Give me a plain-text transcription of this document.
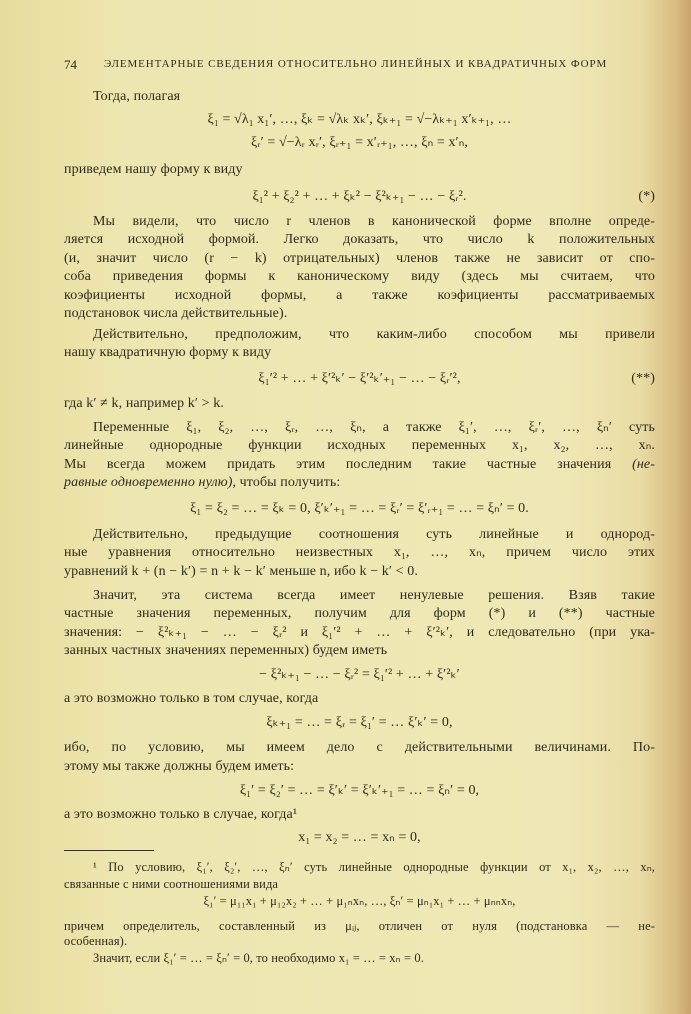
74 ЭЛЕМЕНТАРНЫЕ СВЕДЕНИЯ ОТНОСИТЕЛЬНО ЛИНЕЙНЫХ И КВАДРАТИЧНЫХ ФОРМ
Тогда, полагая
ξ₁ = √λ₁ x₁′, …, ξₖ = √λₖ xₖ′, ξₖ₊₁ = √−λₖ₊₁ x′ₖ₊₁, …
ξᵣ′ = √−λᵣ xᵣ′, ξᵣ₊₁ = x′ᵣ₊₁, …, ξₙ = x′ₙ,
приведем нашу форму к виду
ξ₁² + ξ₂² + … + ξₖ² − ξ²ₖ₊₁ − … − ξᵣ².	(*)
Мы видели, что число r членов в канонической форме вполне опреде-
ляется исходной формой. Легко доказать, что число k положительных
(и, значит число (r − k) отрицательных) членов также не зависит от спо-
соба приведения формы к каноническому виду (здесь мы считаем, что
коэфициенты исходной формы, а также коэфициенты рассматриваемых
подстановок числа действительные).
Действительно, предположим, что каким-либо способом мы привели
нашу квадратичную форму к виду
ξ₁′² + … + ξ′²ₖ′ − ξ′²ₖ′₊₁ − … − ξᵣ′²,	(**)
гда k′ ≠ k, например k′ > k.
Переменные ξ₁, ξ₂, …, ξᵣ, …, ξₙ, а также ξ₁′, …, ξᵣ′, …, ξₙ′ суть
линейные однородные функции исходных переменных x₁, x₂, …, xₙ.
Мы всегда можем придать этим последним такие частные значения (не-
равные одновременно нулю), чтобы получить:
ξ₁ = ξ₂ = … = ξₖ = 0, ξ′ₖ′₊₁ = … = ξᵣ′ = ξ′ᵣ₊₁ = … = ξₙ′ = 0.
Действительно, предыдущие соотношения суть линейные и однород-
ные уравнения относительно неизвестных x₁, …, xₙ, причем число этих
уравнений k + (n − k′) = n + k − k′ меньше n, ибо k − k′ < 0.
Значит, эта система всегда имеет ненулевые решения. Взяв такие
частные значения переменных, получим для форм (*) и (**) частные
значения: − ξ²ₖ₊₁ − … − ξᵣ² и ξ₁′² + … + ξ′²ₖ′, и следовательно (при ука-
занных частных значениях переменных) будем иметь
− ξ²ₖ₊₁ − … − ξᵣ² = ξ₁′² + … + ξ′²ₖ′
а это возможно только в том случае, когда
ξₖ₊₁ = … = ξᵣ = ξ₁′ = … ξ′ₖ′ = 0,
ибо, по условию, мы имеем дело с действительными величинами. По-
этому мы также должны будем иметь:
ξ₁′ = ξ₂′ = … = ξ′ₖ′ = ξ′ₖ′₊₁ = … = ξₙ′ = 0,
а это возможно только в случае, когда¹
x₁ = x₂ = … = xₙ = 0,
¹ По условию, ξ₁′, ξ₂′, …, ξₙ′ суть линейные однородные функции от x₁, x₂, …, xₙ,
связанные с ними соотношениями вида
ξ₁′ = μ₁₁x₁ + μ₁₂x₂ + … + μ₁ₙxₙ, …, ξₙ′ = μₙ₁x₁ + … + μₙₙxₙ,
причем определитель, составленный из μᵢⱼ, отличен от нуля (подстановка — не-
особенная).
Значит, если ξ₁′ = … = ξₙ′ = 0, то необходимо x₁ = … = xₙ = 0.
